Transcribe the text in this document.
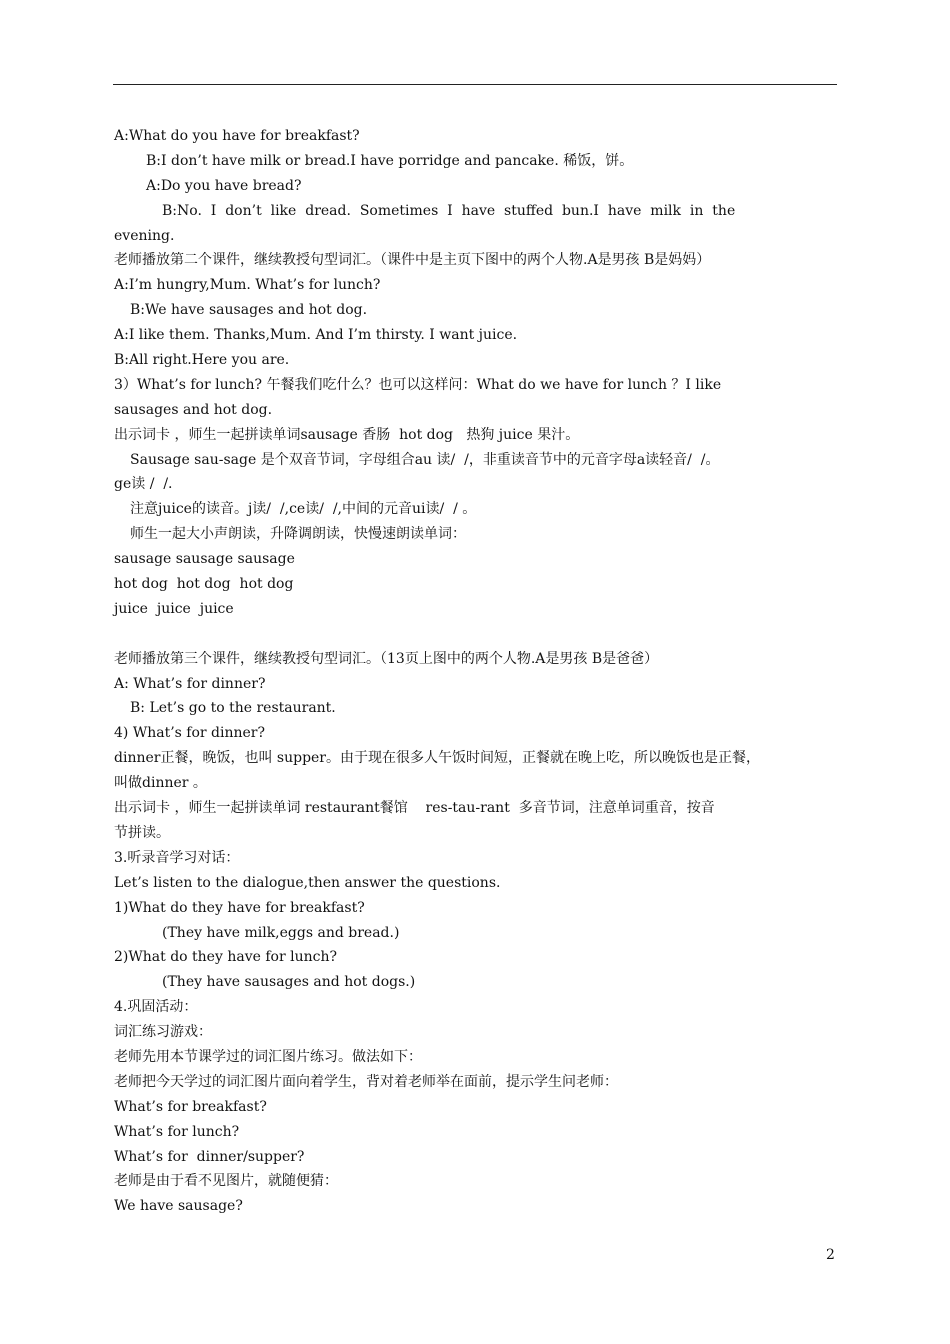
A:What do you have for breakfast?
B:I don’t have milk or bread.I have porridge and pancake. 稀饭，饼。
A:Do you have bread?
B:No.  I  don’t  like  dread.  Sometimes  I  have  stuffed  bun.I  have  milk  in  the
evening.
老师播放第二个课件，继续教授句型词汇。（课件中是主页下图中的两个人物.A是男孩 B是妈妈）
A:I’m hungry,Mum. What’s for lunch?
B:We have sausages and hot dog.
A:I like them. Thanks,Mum. And I’m thirsty. I want juice.
B:All right.Here you are.
3）What’s for lunch? 午餐我们吃什么？也可以这样问：What do we have for lunch ？I like
sausages and hot dog.
出示词卡 ，师生一起拼读单词sausage 香肠  hot dog   热狗 juice 果汁。
Sausage sau-sage 是个双音节词，字母组合au 读/  /，非重读音节中的元音字母a读轻音/  /。
ge读 /  /.
注意juice的读音。j读/  /,ce读/  /,中间的元音ui读/  / 。
师生一起大小声朗读，升降调朗读，快慢速朗读单词：
sausage sausage sausage
hot dog  hot dog  hot dog
juice  juice  juice
老师播放第三个课件，继续教授句型词汇。（13页上图中的两个人物.A是男孩 B是爸爸）
A: What’s for dinner?
B: Let’s go to the restaurant.
4) What’s for dinner?
dinner正餐，晚饭，也叫 supper。由于现在很多人午饭时间短，正餐就在晚上吃，所以晚饭也是正餐，
叫做dinner 。
出示词卡 ，师生一起拼读单词 restaurant餐馆    res-tau-rant  多音节词，注意单词重音，按音
节拼读。
3.听录音学习对话：
Let’s listen to the dialogue,then answer the questions.
1)What do they have for breakfast?
(They have milk,eggs and bread.)
2)What do they have for lunch?
(They have sausages and hot dogs.)
4.巩固活动：
词汇练习游戏：
老师先用本节课学过的词汇图片练习。做法如下：
老师把今天学过的词汇图片面向着学生，背对着老师举在面前，提示学生问老师：
What’s for breakfast?
What’s for lunch?
What’s for  dinner/supper?
老师是由于看不见图片，就随便猜：
We have sausage?
2
